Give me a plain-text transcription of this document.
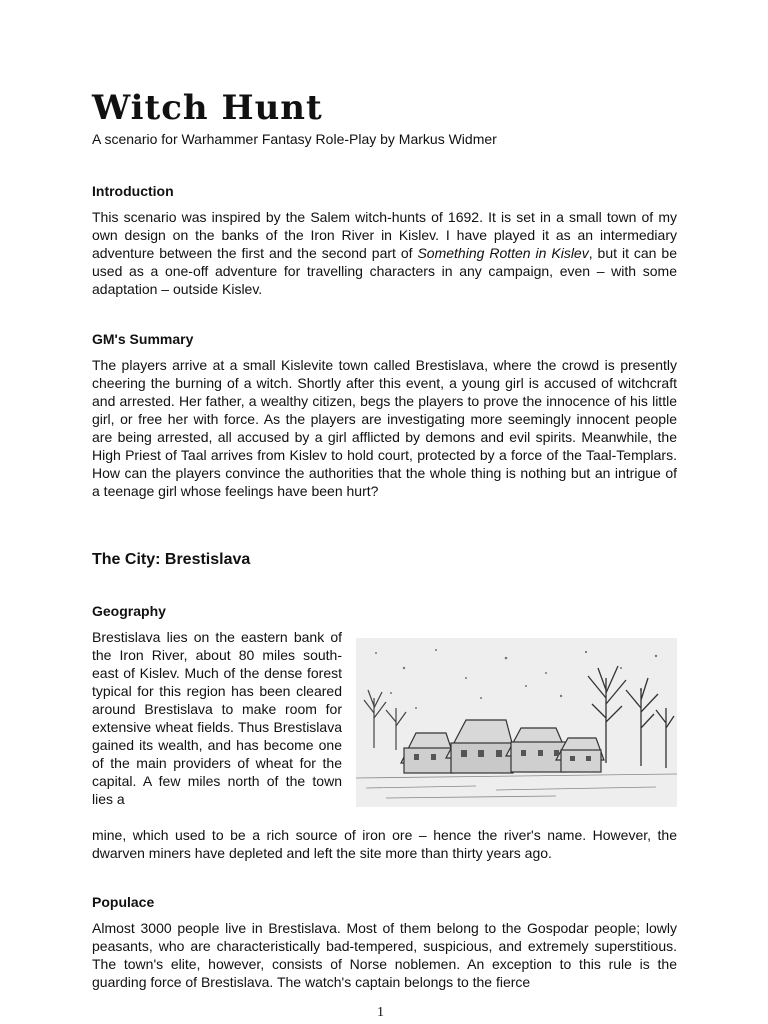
Witch Hunt
A scenario for Warhammer Fantasy Role-Play by Markus Widmer
Introduction

This scenario was inspired by the Salem witch-hunts of 1692. It is set in a small town of my own design on the banks of the Iron River in Kislev. I have played it as an intermediary adventure between the first and the second part of Something Rotten in Kislev, but it can be used as a one-off adventure for travelling characters in any campaign, even – with some adaptation – outside Kislev.

GM's Summary

The players arrive at a small Kislevite town called Brestislava, where the crowd is presently cheering the burning of a witch. Shortly after this event, a young girl is accused of witchcraft and arrested. Her father, a wealthy citizen, begs the players to prove the innocence of his little girl, or free her with force. As the players are investigating more seemingly innocent people are being arrested, all accused by a girl afflicted by demons and evil spirits. Meanwhile, the High Priest of Taal arrives from Kislev to hold court, protected by a force of the Taal-Templars. How can the players convince the authorities that the whole thing is nothing but an intrigue of a teenage girl whose feelings have been hurt?

The City: Brestislava
Geography

Brestislava lies on the eastern bank of the Iron River, about 80 miles south-east of Kislev. Much of the dense forest typical for this region has been cleared around Brestislava to make room for extensive wheat fields. Thus Brestislava gained its wealth, and has become one of the main providers of wheat for the capital. A few miles north of the town lies a

mine, which used to be a rich source of iron ore – hence the river's name. However, the dwarven miners have depleted and left the site more than thirty years ago.

Populace

Almost 3000 people live in Brestislava. Most of them belong to the Gospodar people; lowly peasants, who are characteristically bad-tempered, suspicious, and extremely superstitious. The town's elite, however, consists of Norse noblemen. An exception to this rule is the guarding force of Brestislava. The watch's captain belongs to the fierce

1
